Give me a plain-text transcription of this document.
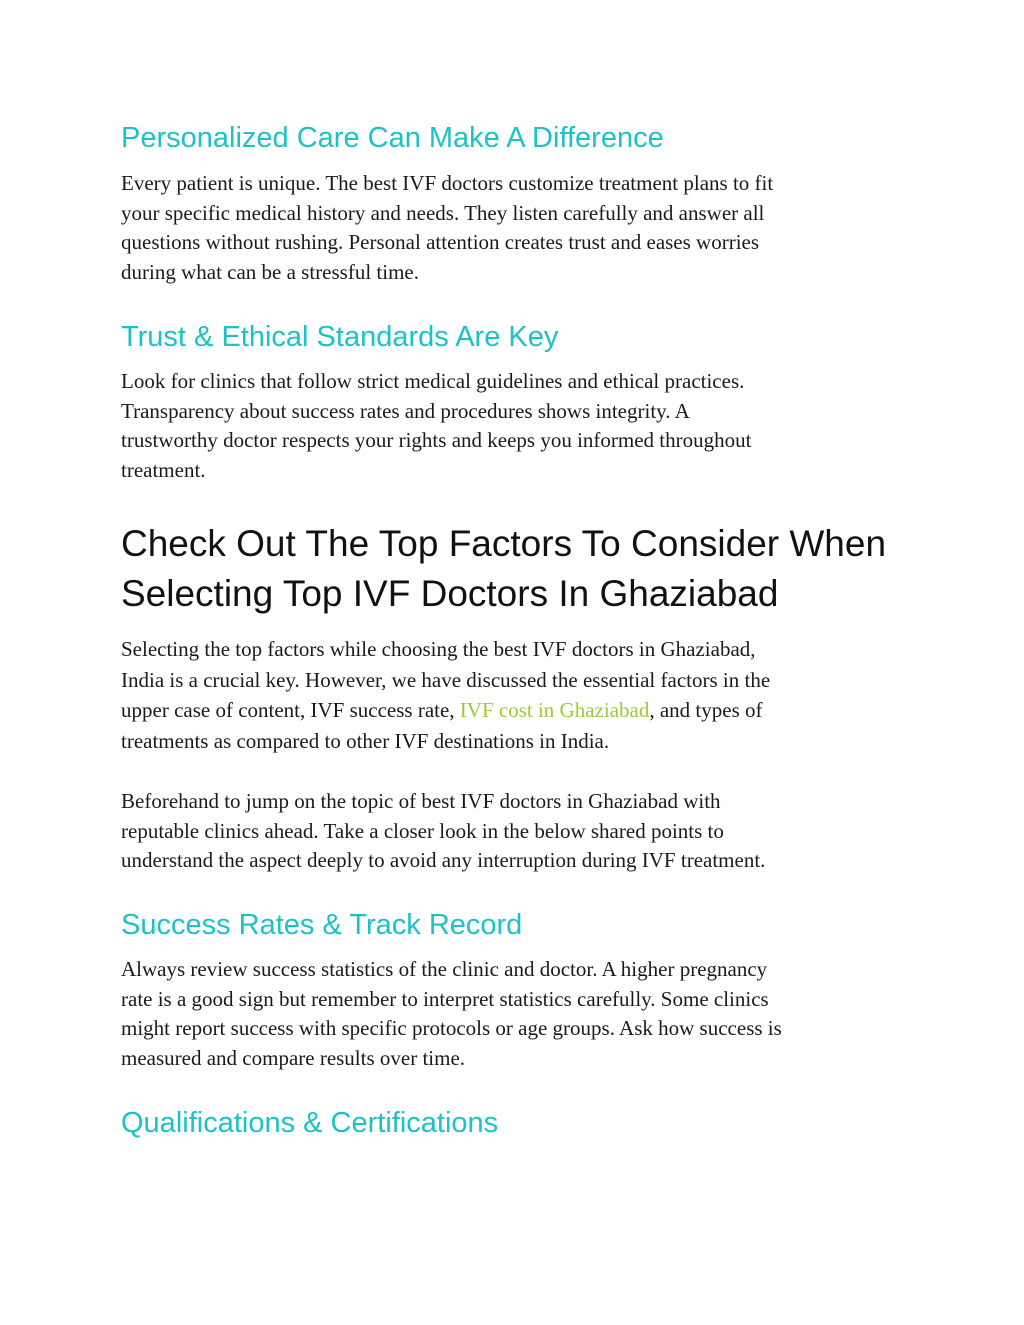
Personalized Care Can Make A Difference

Every patient is unique. The best IVF doctors customize treatment plans to fit
your specific medical history and needs. They listen carefully and answer all
questions without rushing. Personal attention creates trust and eases worries
during what can be a stressful time.

Trust & Ethical Standards Are Key

Look for clinics that follow strict medical guidelines and ethical practices.
Transparency about success rates and procedures shows integrity. A
trustworthy doctor respects your rights and keeps you informed throughout
treatment.

Check Out The Top Factors To Consider When
Selecting Top IVF Doctors In Ghaziabad

Selecting the top factors while choosing the best IVF doctors in Ghaziabad,
India is a crucial key. However, we have discussed the essential factors in the
upper case of content, IVF success rate, IVF cost in Ghaziabad, and types of
treatments as compared to other IVF destinations in India.

Beforehand to jump on the topic of best IVF doctors in Ghaziabad with
reputable clinics ahead. Take a closer look in the below shared points to
understand the aspect deeply to avoid any interruption during IVF treatment.

Success Rates & Track Record

Always review success statistics of the clinic and doctor. A higher pregnancy
rate is a good sign but remember to interpret statistics carefully. Some clinics
might report success with specific protocols or age groups. Ask how success is
measured and compare results over time.

Qualifications & Certifications
